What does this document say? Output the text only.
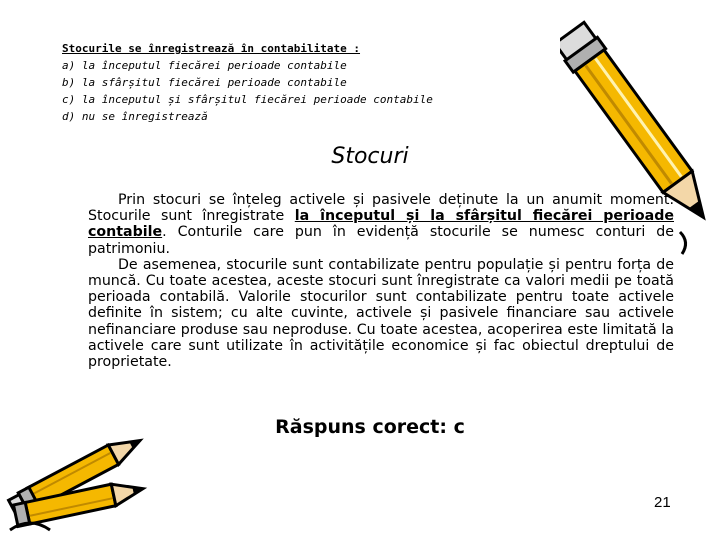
Stocurile se înregistrează în contabilitate :
a) la începutul fiecărei perioade contabile
b) la sfârșitul fiecărei perioade contabile
c) la începutul și sfârșitul fiecărei perioade contabile
d) nu se înregistrează
Stocuri

Prin stocuri se înțeleg activele și pasivele deținute la un anumit moment. Stocurile sunt înregistrate la începutul și la sfârșitul fiecărei perioade contabile. Conturile care pun în evidență stocurile se numesc conturi de patrimoniu.

De asemenea, stocurile sunt contabilizate pentru populație și pentru forța de muncă. Cu toate acestea, aceste stocuri sunt înregistrate ca valori medii pe toată perioada contabilă. Valorile stocurilor sunt contabilizate pentru toate activele definite în sistem; cu alte cuvinte, activele și pasivele financiare sau activele nefinanciare produse sau neproduse. Cu toate acestea, acoperirea este limitată la activele care sunt utilizate în activitățile economice și fac obiectul dreptului de proprietate.

Răspuns corect: c
21
